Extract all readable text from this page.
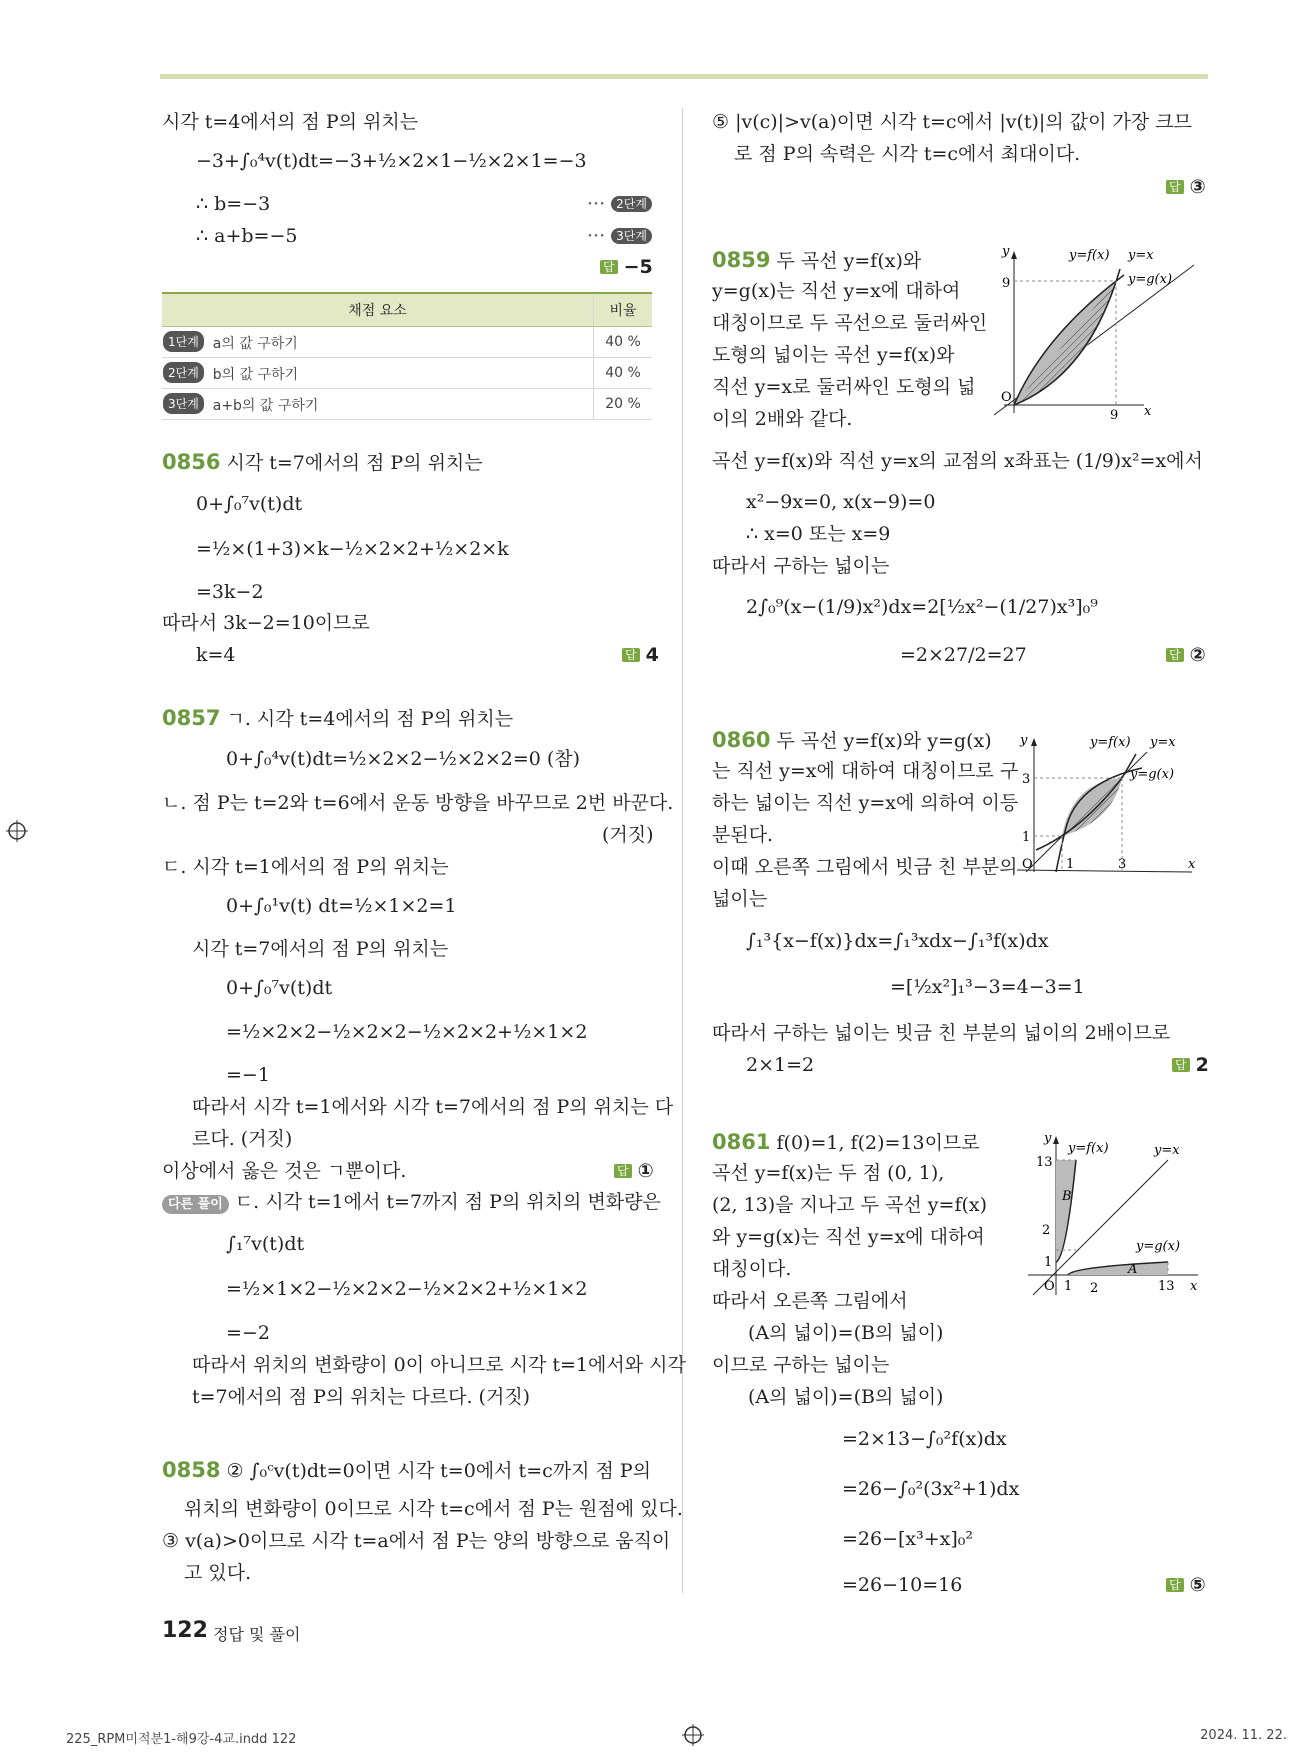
시각 t=4에서의 점 P의 위치는
−3+∫₀⁴v(t)dt=−3+½×2×1−½×2×1=−3
∴ b=−3	··· 2단계
∴ a+b=−5	··· 3단계
답 −5
채점 요소	비율
1단계 a의 값 구하기	40 %
2단계 b의 값 구하기	40 %
3단계 a+b의 값 구하기	20 %
0856 시각 t=7에서의 점 P의 위치는
0+∫₀⁷v(t)dt
=½×(1+3)×k−½×2×2+½×2×k
=3k−2
따라서 3k−2=10이므로
k=4	답 4
0857 ㄱ. 시각 t=4에서의 점 P의 위치는
0+∫₀⁴v(t)dt=½×2×2−½×2×2=0 (참)
ㄴ. 점 P는 t=2와 t=6에서 운동 방향을 바꾸므로 2번 바꾼다.
(거짓)
ㄷ. 시각 t=1에서의 점 P의 위치는
0+∫₀¹v(t) dt=½×1×2=1
시각 t=7에서의 점 P의 위치는
0+∫₀⁷v(t)dt
=½×2×2−½×2×2−½×2×2+½×1×2
=−1
따라서 시각 t=1에서와 시각 t=7에서의 점 P의 위치는 다
르다. (거짓)
이상에서 옳은 것은 ㄱ뿐이다.	답 ①
다른 풀이 ㄷ. 시각 t=1에서 t=7까지 점 P의 위치의 변화량은
∫₁⁷v(t)dt
=½×1×2−½×2×2−½×2×2+½×1×2
=−2
따라서 위치의 변화량이 0이 아니므로 시각 t=1에서와 시각
t=7에서의 점 P의 위치는 다르다. (거짓)
0858 ② ∫₀ᶜv(t)dt=0이면 시각 t=0에서 t=c까지 점 P의
위치의 변화량이 0이므로 시각 t=c에서 점 P는 원점에 있다.
③ v(a)>0이므로 시각 t=a에서 점 P는 양의 방향으로 움직이
고 있다.
⑤ |v(c)|>v(a)이면 시각 t=c에서 |v(t)|의 값이 가장 크므
로 점 P의 속력은 시각 t=c에서 최대이다.
답 ③
0859 두 곡선 y=f(x)와
y=g(x)는 직선 y=x에 대하여
대칭이므로 두 곡선으로 둘러싸인
도형의 넓이는 곡선 y=f(x)와
직선 y=x로 둘러싸인 도형의 넓
이의 2배와 같다.
y
9
O
9 x
y=f(x) y=x
y=g(x)
곡선 y=f(x)와 직선 y=x의 교점의 x좌표는 (1/9)x²=x에서
x²−9x=0, x(x−9)=0
∴ x=0 또는 x=9
따라서 구하는 넓이는
2∫₀⁹(x−(1/9)x²)dx=2[½x²−(1/27)x³]₀⁹
=2×27/2=27	답 ②
0860 두 곡선 y=f(x)와 y=g(x)
는 직선 y=x에 대하여 대칭이므로 구
하는 넓이는 직선 y=x에 의하여 이등
분된다.
이때 오른쪽 그림에서 빗금 친 부분의
넓이는
y
3
1
O	1	3	x
y=f(x) y=x
y=g(x)
∫₁³{x−f(x)}dx=∫₁³xdx−∫₁³f(x)dx
=[½x²]₁³−3=4−3=1
따라서 구하는 넓이는 빗금 친 부분의 넓이의 2배이므로
2×1=2	답 2
0861 f(0)=1, f(2)=13이므로
곡선 y=f(x)는 두 점 (0, 1),
(2, 13)을 지나고 두 곡선 y=f(x)
와 y=g(x)는 직선 y=x에 대하여
대칭이다.
따라서 오른쪽 그림에서
(A의 넓이)=(B의 넓이)
이므로 구하는 넓이는
(A의 넓이)=(B의 넓이)
=2×13−∫₀²f(x)dx
=26−∫₀²(3x²+1)dx
=26−[x³+x]₀²
=26−10=16	답 ⑤
y
13
2
1
O 1 2	13 x
B
A
y=f(x)	y=x
y=g(x)
122 정답 및 풀이
225_RPM미적분1-해9강-4교.indd 122	2024. 11. 22.
